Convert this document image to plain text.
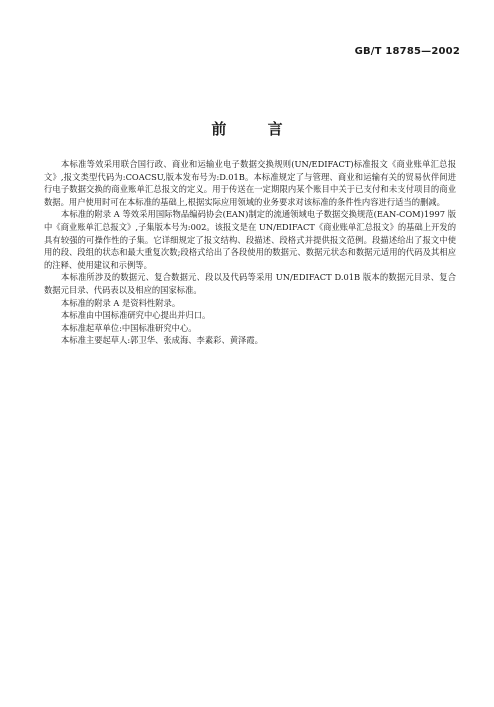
GB/T 18785—2002
前 言

本标准等效采用联合国行政、商业和运输业电子数据交换规则(UN/EDIFACT)标准报文《商业账单汇总报文》,报文类型代码为:COACSU,版本发布号为:D.01B。本标准规定了与管理、商业和运输有关的贸易伙伴间进行电子数据交换的商业账单汇总报文的定义。用于传送在一定期限内某个账目中关于已支付和未支付项目的商业数据。用户使用时可在本标准的基础上,根据实际应用领域的业务要求对该标准的条件性内容进行适当的删减。

本标准的附录 A 等效采用国际物品编码协会(EAN)制定的流通领域电子数据交换规范(EAN-COM)1997 版中《商业账单汇总报文》,子集版本号为:002。该报文是在 UN/EDIFACT《商业账单汇总报文》的基础上开发的具有较强的可操作性的子集。它详细规定了报文结构、段描述、段格式并提供报文范例。段描述给出了报文中使用的段、段组的状态和最大重复次数;段格式给出了各段使用的数据元、数据元状态和数据元适用的代码及其相应的注释、使用建议和示例等。

本标准所涉及的数据元、复合数据元、段以及代码等采用 UN/EDIFACT D.01B 版本的数据元目录、复合数据元目录、代码表以及相应的国家标准。

本标准的附录 A 是资料性附录。

本标准由中国标准研究中心提出并归口。

本标准起草单位:中国标准研究中心。

本标准主要起草人:郭卫华、张成海、李素彩、黄泽霞。
